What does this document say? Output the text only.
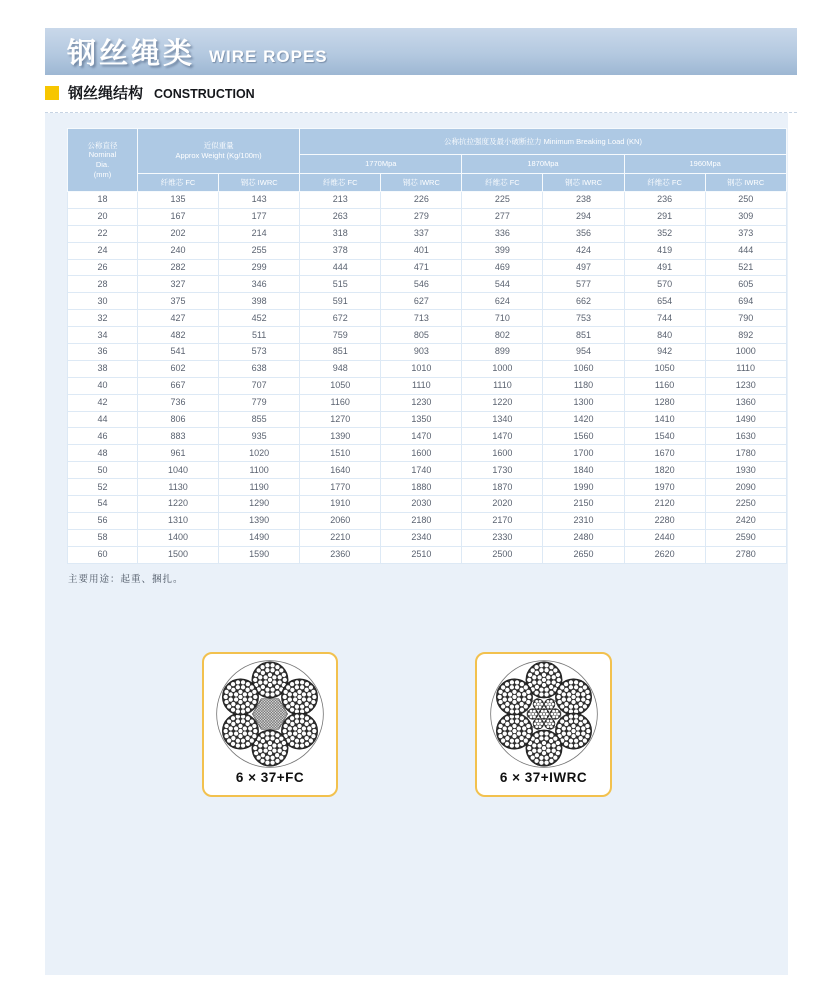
钢丝绳类 WIRE ROPES
钢丝绳结构 CONSTRUCTION
公称直径
Nominal
Dia.
(mm)

近似重量
Approx Weight (Kg/100m)
	公称抗拉强度及最小破断拉力 Minimum Breaking Load (KN)
			1770Mpa		1870Mpa		1960Mpa	
	纤维芯 FC	钢芯 IWRC	纤维芯 FC	钢芯 IWRC	纤维芯 FC	钢芯 IWRC	纤维芯 FC	钢芯 IWRC
18	135	143	213	226	225	238	236	250
20	167	177	263	279	277	294	291	309
22	202	214	318	337	336	356	352	373
24	240	255	378	401	399	424	419	444
26	282	299	444	471	469	497	491	521
28	327	346	515	546	544	577	570	605
30	375	398	591	627	624	662	654	694
32	427	452	672	713	710	753	744	790
34	482	511	759	805	802	851	840	892
36	541	573	851	903	899	954	942	1000
38	602	638	948	1010	1000	1060	1050	1110
40	667	707	1050	1110	1110	1180	1160	1230
42	736	779	1160	1230	1220	1300	1280	1360
44	806	855	1270	1350	1340	1420	1410	1490
46	883	935	1390	1470	1470	1560	1540	1630
48	961	1020	1510	1600	1600	1700	1670	1780
50	1040	1100	1640	1740	1730	1840	1820	1930
52	1130	1190	1770	1880	1870	1990	1970	2090
54	1220	1290	1910	2030	2020	2150	2120	2250
56	1310	1390	2060	2180	2170	2310	2280	2420
58	1400	1490	2210	2340	2330	2480	2440	2590
60	1500	1590	2360	2510	2500	2650	2620	2780
主要用途：起重、捆扎。
6 × 37+FC	6 × 37+IWRC
